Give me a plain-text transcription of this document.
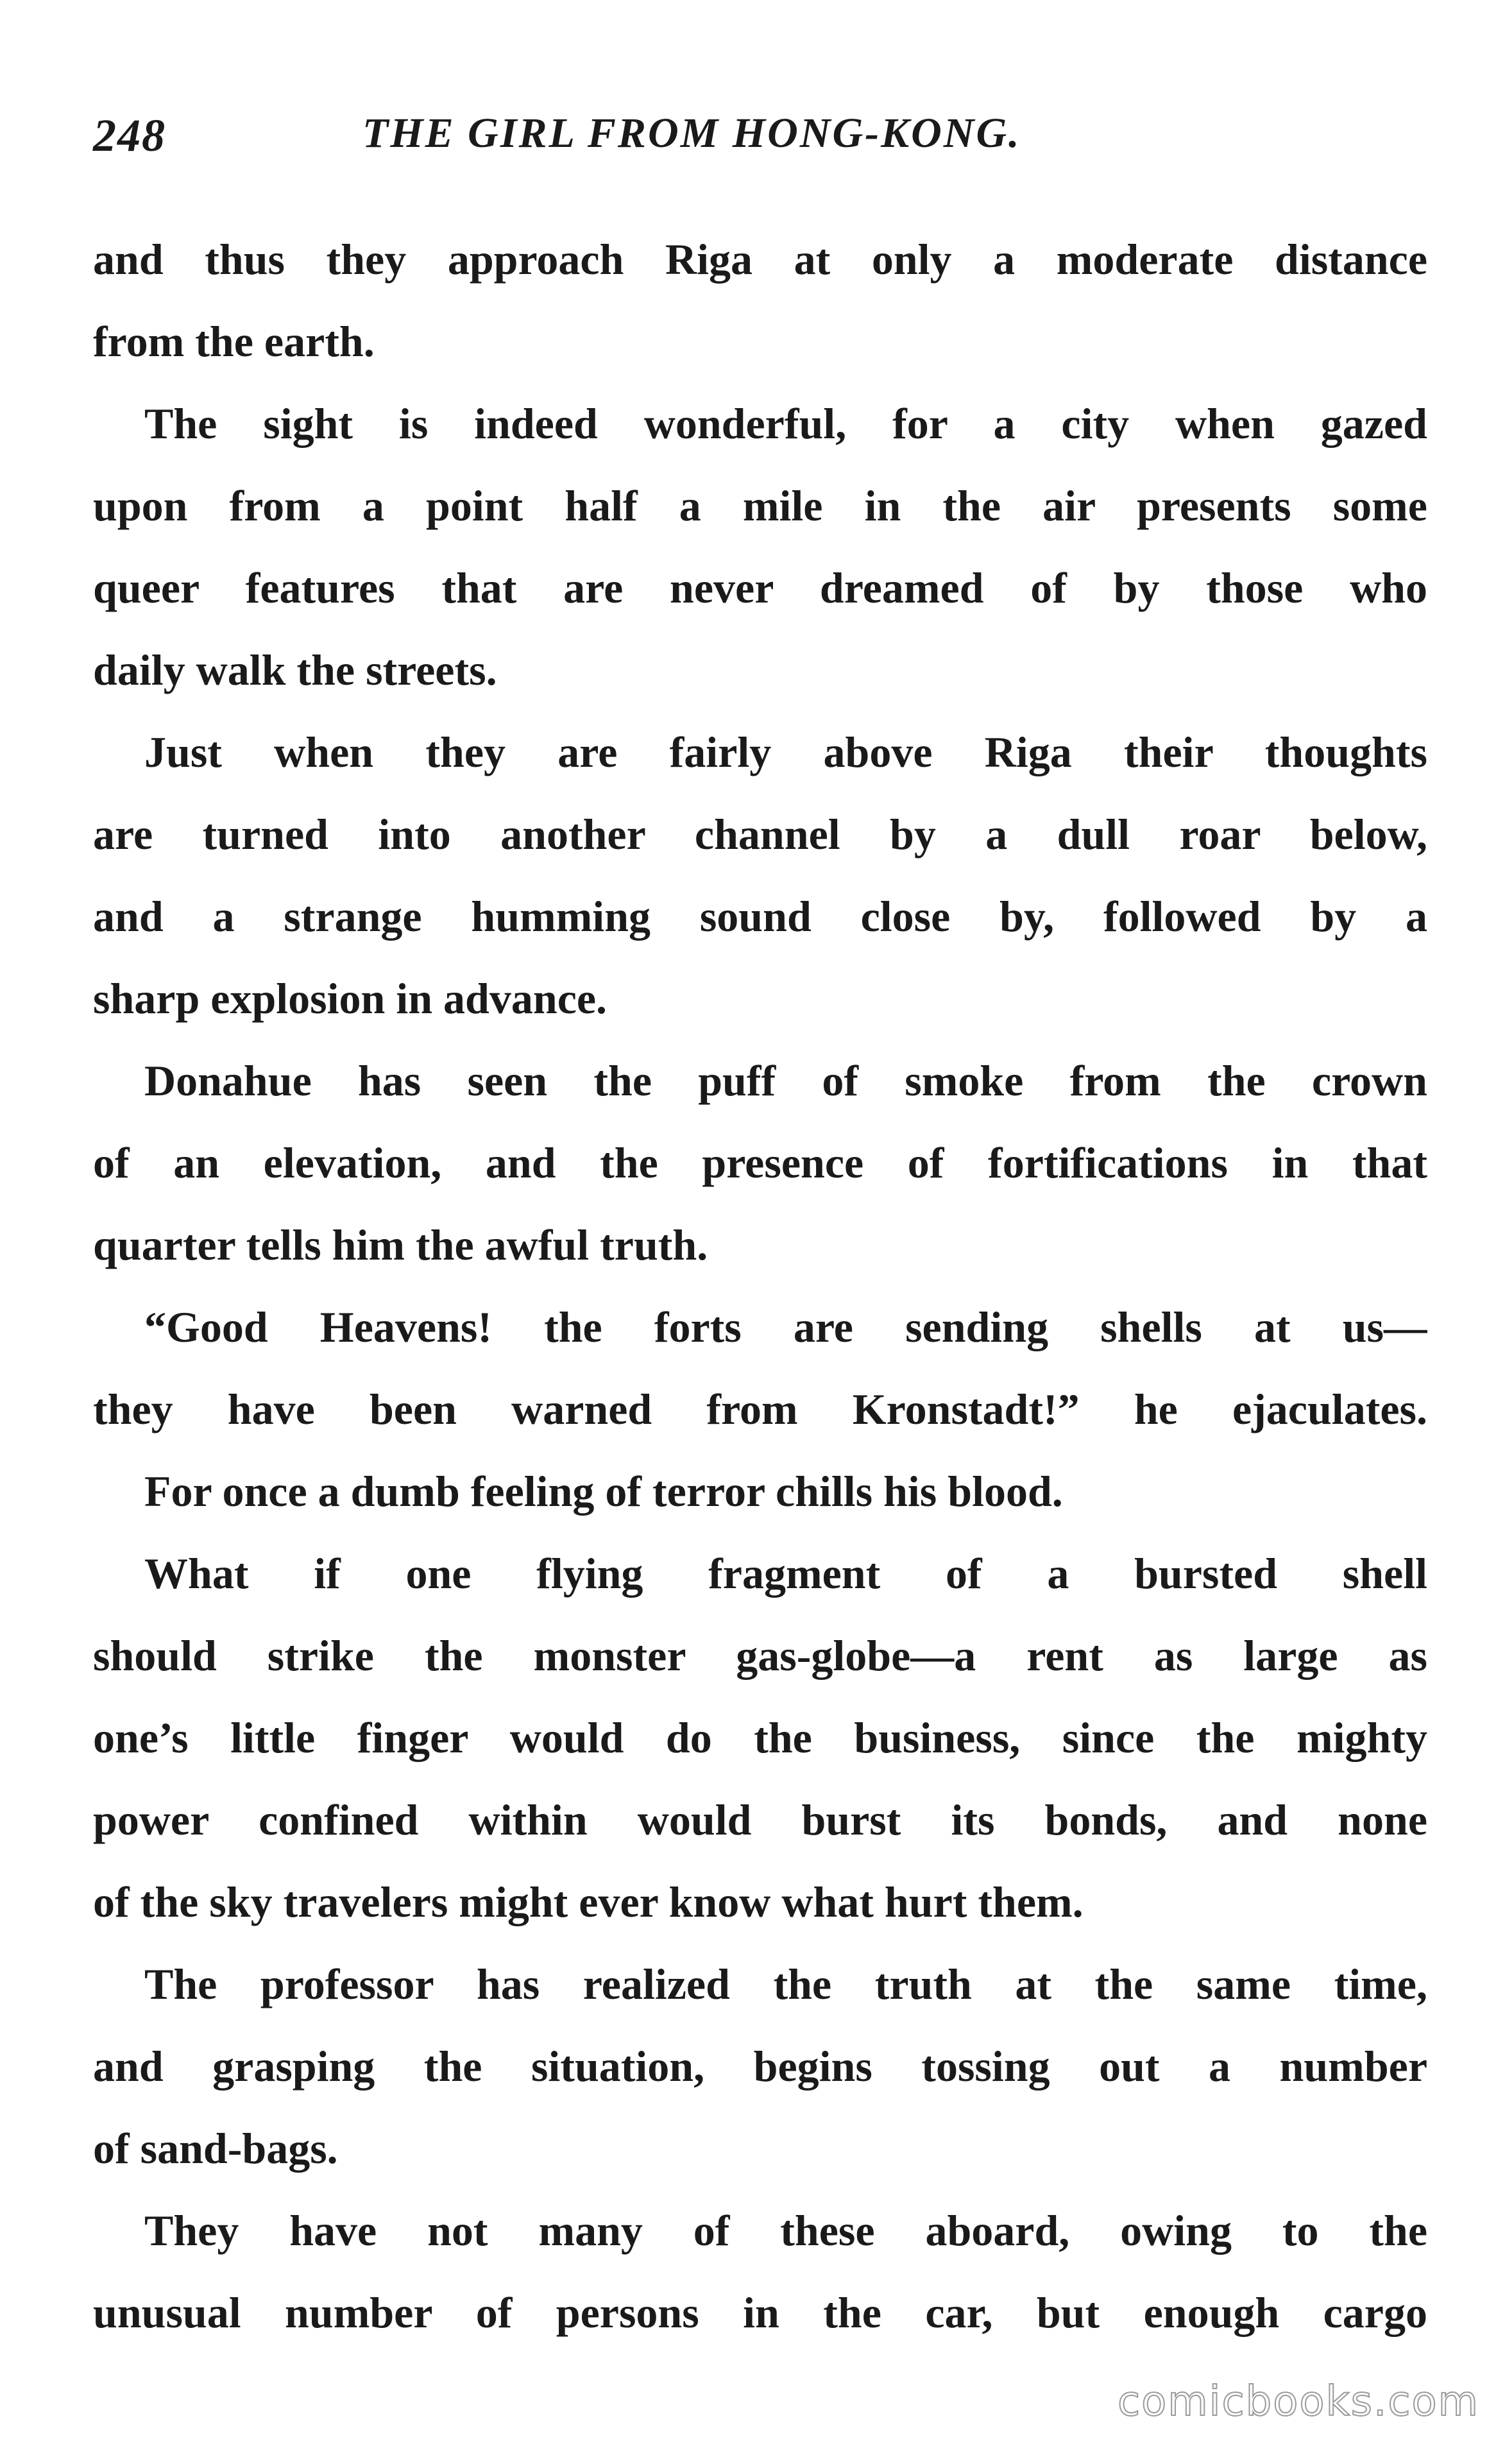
248	THE GIRL FROM HONG-KONG.
and thus they approach Riga at only a moderate distance
from the earth.
The sight is indeed wonderful, for a city when gazed
upon from a point half a mile in the air presents some
queer features that are never dreamed of by those who
daily walk the streets.
Just when they are fairly above Riga their thoughts
are turned into another channel by a dull roar below,
and a strange humming sound close by, followed by a
sharp explosion in advance.
Donahue has seen the puff of smoke from the crown
of an elevation, and the presence of fortifications in that
quarter tells him the awful truth.
“Good Heavens! the forts are sending shells at us—
they have been warned from Kronstadt!” he ejaculates.
For once a dumb feeling of terror chills his blood.
What if one flying fragment of a bursted shell
should strike the monster gas-globe—a rent as large as
one’s little finger would do the business, since the mighty
power confined within would burst its bonds, and none
of the sky travelers might ever know what hurt them.
The professor has realized the truth at the same time,
and grasping the situation, begins tossing out a number
of sand-bags.
They have not many of these aboard, owing to the
unusual number of persons in the car, but enough cargo
comicbooks.com
